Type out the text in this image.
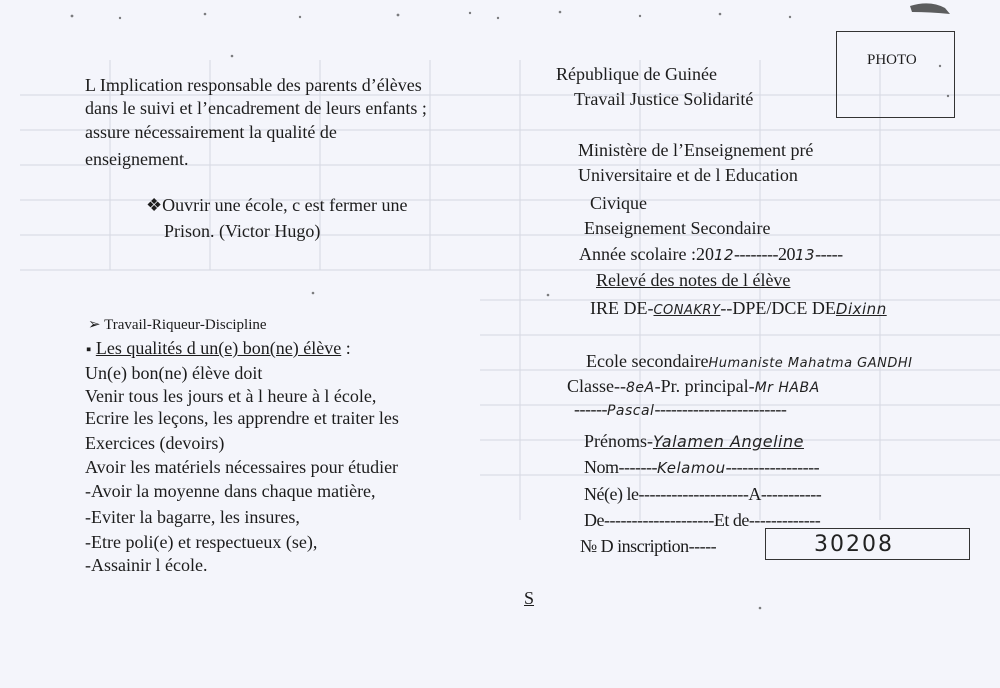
L Implication responsable des parents d’élèves
dans le suivi et l’encadrement de leurs enfants ;
assure nécessairement la qualité de
enseignement.
❖Ouvrir une école, c est fermer une
Prison. (Victor Hugo)
➢ Travail-Riqueur-Discipline
▪ Les qualités d un(e) bon(ne) élève :
Un(e) bon(ne) élève doit
Venir tous les jours et à l heure à l école,
Ecrire les leçons, les apprendre et traiter les
Exercices (devoirs)
Avoir les matériels nécessaires pour étudier
-Avoir la moyenne dans chaque matière,
-Eviter la bagarre, les insures,
-Etre poli(e) et respectueux (se),
-Assainir l école.
S
PHOTO
République de Guinée
Travail Justice Solidarité
Ministère de l’Enseignement pré
Universitaire et de l Education
Civique
Enseignement Secondaire
Année scolaire :2012--------2013-----
Relevé des notes de l élève
IRE DE-CONAKRY--DPE/DCE DEDixinn
Ecole secondaireHumaniste Mahatma GANDHI
Classe--8eA-Pr. principal-Mr HABA
------Pascal------------------------
Prénoms-Yalamen Angeline
Nom-------Kelamou-----------------
Né(e) le--------------------A-----------
De--------------------Et de-------------
№ D inscription-----	30208
